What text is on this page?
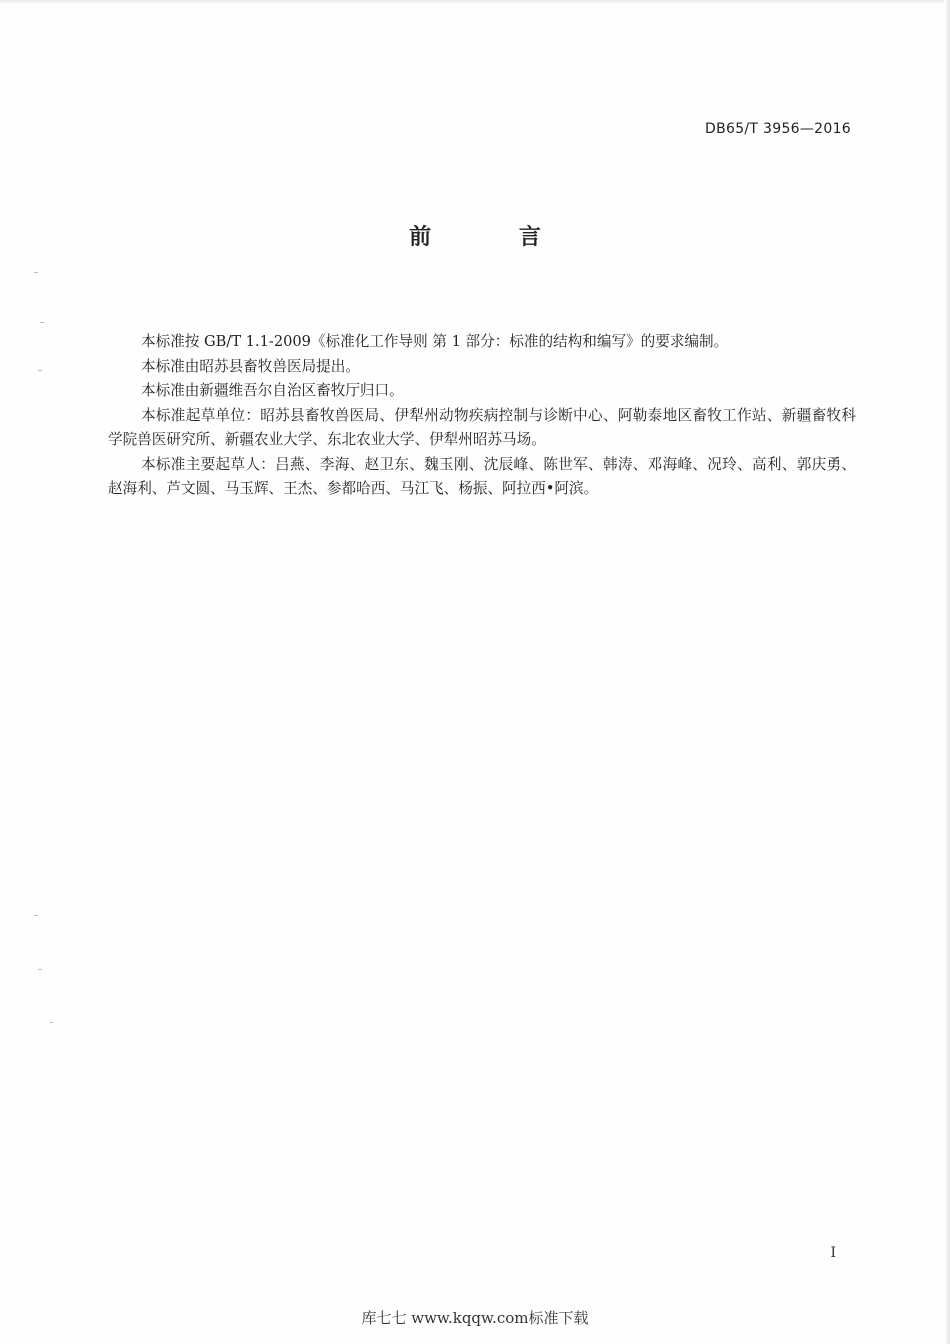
DB65/T 3956—2016
前 言

本标准按 GB/T 1.1-2009《标准化工作导则 第 1 部分：标准的结构和编写》的要求编制。

本标准由昭苏县畜牧兽医局提出。

本标准由新疆维吾尔自治区畜牧厅归口。

本标准起草单位：昭苏县畜牧兽医局、伊犁州动物疾病控制与诊断中心、阿勒泰地区畜牧工作站、新疆畜牧科学院兽医研究所、新疆农业大学、东北农业大学、伊犁州昭苏马场。

本标准主要起草人：吕燕、李海、赵卫东、魏玉刚、沈辰峰、陈世军、韩涛、邓海峰、况玲、高利、郭庆勇、赵海利、芦文圆、马玉辉、王杰、参都哈西、马江飞、杨振、阿拉西•阿滨。

I
库七七 www.kqqw.com标准下载
